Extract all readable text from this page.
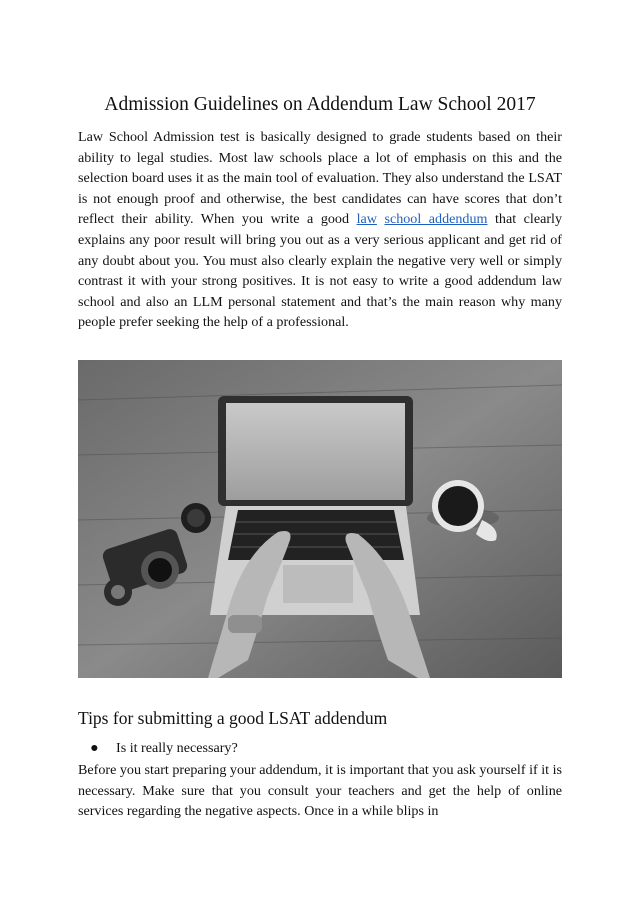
Admission Guidelines on Addendum Law School 2017

Law School Admission test is basically designed to grade students based on their ability to legal studies. Most law schools place a lot of emphasis on this and the selection board uses it as the main tool of evaluation. They also understand the LSAT is not enough proof and otherwise, the best candidates can have scores that don’t reflect their ability. When you write a good law school addendum that clearly explains any poor result will bring you out as a very serious applicant and get rid of any doubt about you. You must also clearly explain the negative very well or simply contrast it with your strong positives. It is not easy to write a good addendum law school and also an LLM personal statement and that’s the main reason why many people prefer seeking the help of a professional.

Tips for submitting a good LSAT addendum
● Is it really necessary?

Before you start preparing your addendum, it is important that you ask yourself if it is necessary. Make sure that you consult your teachers and get the help of online services regarding the negative aspects. Once in a while blips in
